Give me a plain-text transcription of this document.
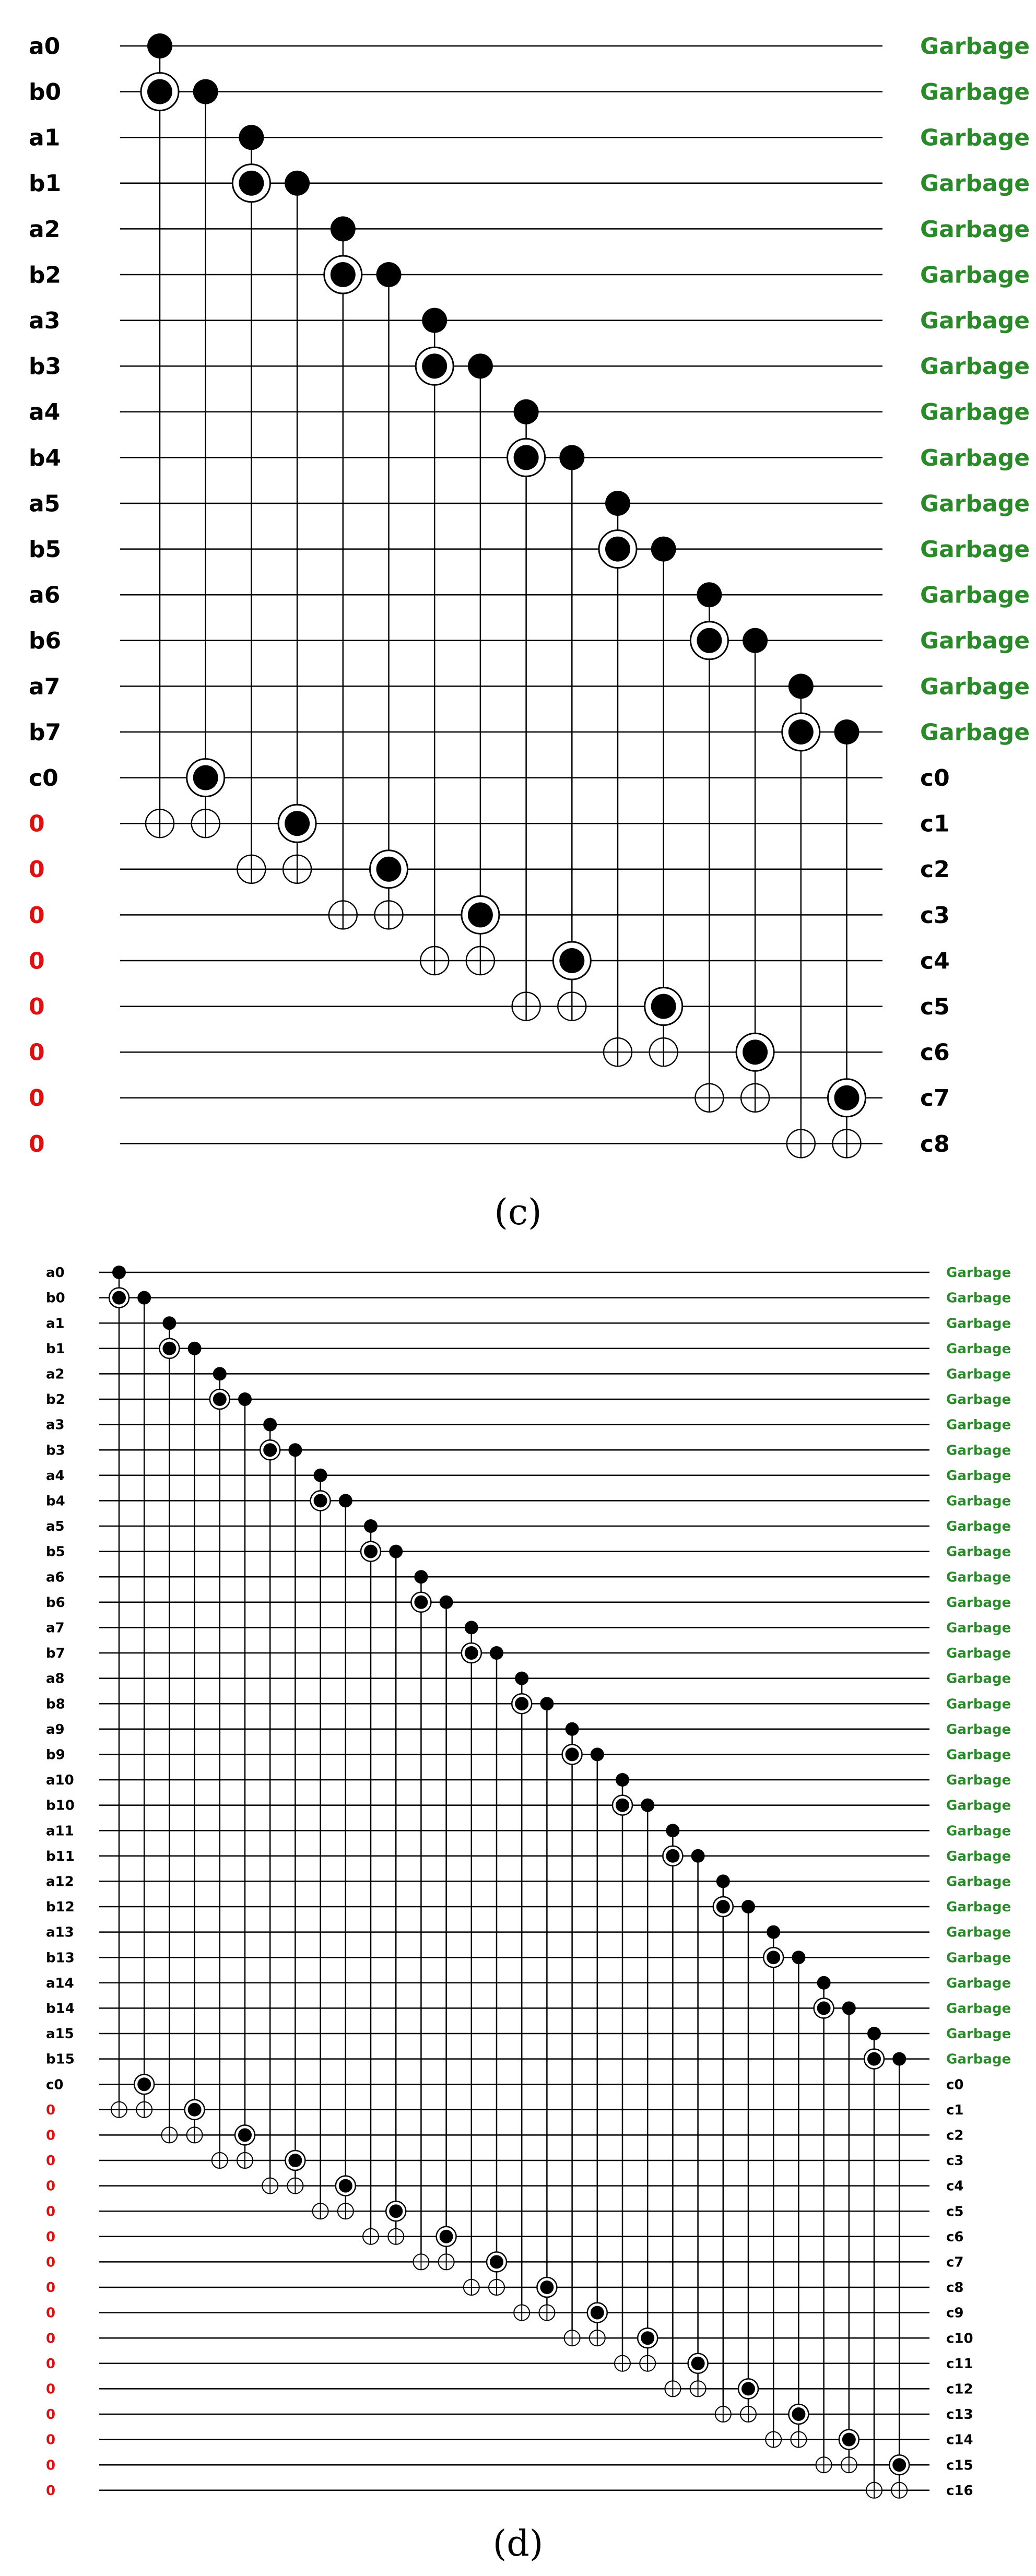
a0
b0
a1
b1
a2
b2
a3
b3
a4
b4
a5
b5
a6
b6
a7
b7
c0
0
0
0
0
0
0
0
0
Garbage
Garbage
Garbage
Garbage
Garbage
Garbage
Garbage
Garbage
Garbage
Garbage
Garbage
Garbage
Garbage
Garbage
Garbage
Garbage
c0
c1
c2
c3
c4
c5
c6
c7
c8
(c)
a0
b0
a1
b1
a2
b2
a3
b3
a4
b4
a5
b5
a6
b6
a7
b7
a8
b8
a9
b9
a10
b10
a11
b11
a12
b12
a13
b13
a14
b14
a15
b15
c0
0
0
0
0
0
0
0
0
0
0
0
0
0
0
0
0
Garbage
Garbage
Garbage
Garbage
Garbage
Garbage
Garbage
Garbage
Garbage
Garbage
Garbage
Garbage
Garbage
Garbage
Garbage
Garbage
Garbage
Garbage
Garbage
Garbage
Garbage
Garbage
Garbage
Garbage
Garbage
Garbage
Garbage
Garbage
Garbage
Garbage
Garbage
Garbage
c0
c1
c2
c3
c4
c5
c6
c7
c8
c9
c10
c11
c12
c13
c14
c15
c16
(d)
